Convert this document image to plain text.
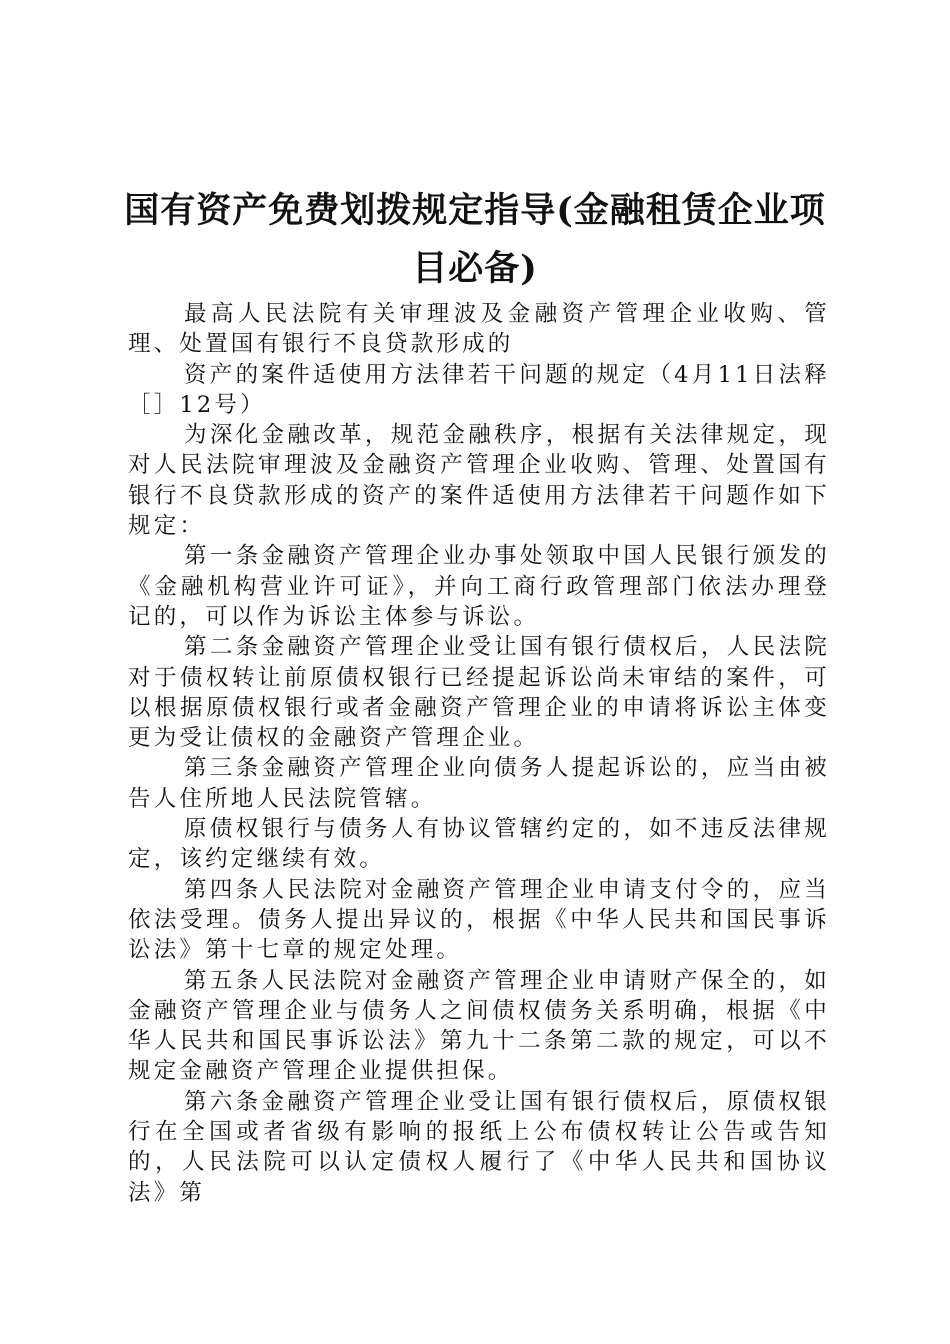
国有资产免费划拨规定指导(金融租赁企业项
目必备)

最高人民法院有关审理波及金融资产管理企业收购、管理、处置国有银行不良贷款形成的

资产的案件适使用方法律若干问题的规定（4月11日法释［］12号）

为深化金融改革，规范金融秩序，根据有关法律规定，现对人民法院审理波及金融资产管理企业收购、管理、处置国有银行不良贷款形成的资产的案件适使用方法律若干问题作如下规定：

第一条金融资产管理企业办事处领取中国人民银行颁发的《金融机构营业许可证》，并向工商行政管理部门依法办理登记的，可以作为诉讼主体参与诉讼。

第二条金融资产管理企业受让国有银行债权后，人民法院对于债权转让前原债权银行已经提起诉讼尚未审结的案件，可以根据原债权银行或者金融资产管理企业的申请将诉讼主体变更为受让债权的金融资产管理企业。

第三条金融资产管理企业向债务人提起诉讼的，应当由被告人住所地人民法院管辖。

原债权银行与债务人有协议管辖约定的，如不违反法律规定，该约定继续有效。

第四条人民法院对金融资产管理企业申请支付令的，应当依法受理。债务人提出异议的，根据《中华人民共和国民事诉讼法》第十七章的规定处理。

第五条人民法院对金融资产管理企业申请财产保全的，如金融资产管理企业与债务人之间债权债务关系明确，根据《中华人民共和国民事诉讼法》第九十二条第二款的规定，可以不规定金融资产管理企业提供担保。

第六条金融资产管理企业受让国有银行债权后，原债权银行在全国或者省级有影响的报纸上公布债权转让公告或告知的，人民法院可以认定债权人履行了《中华人民共和国协议法》第
